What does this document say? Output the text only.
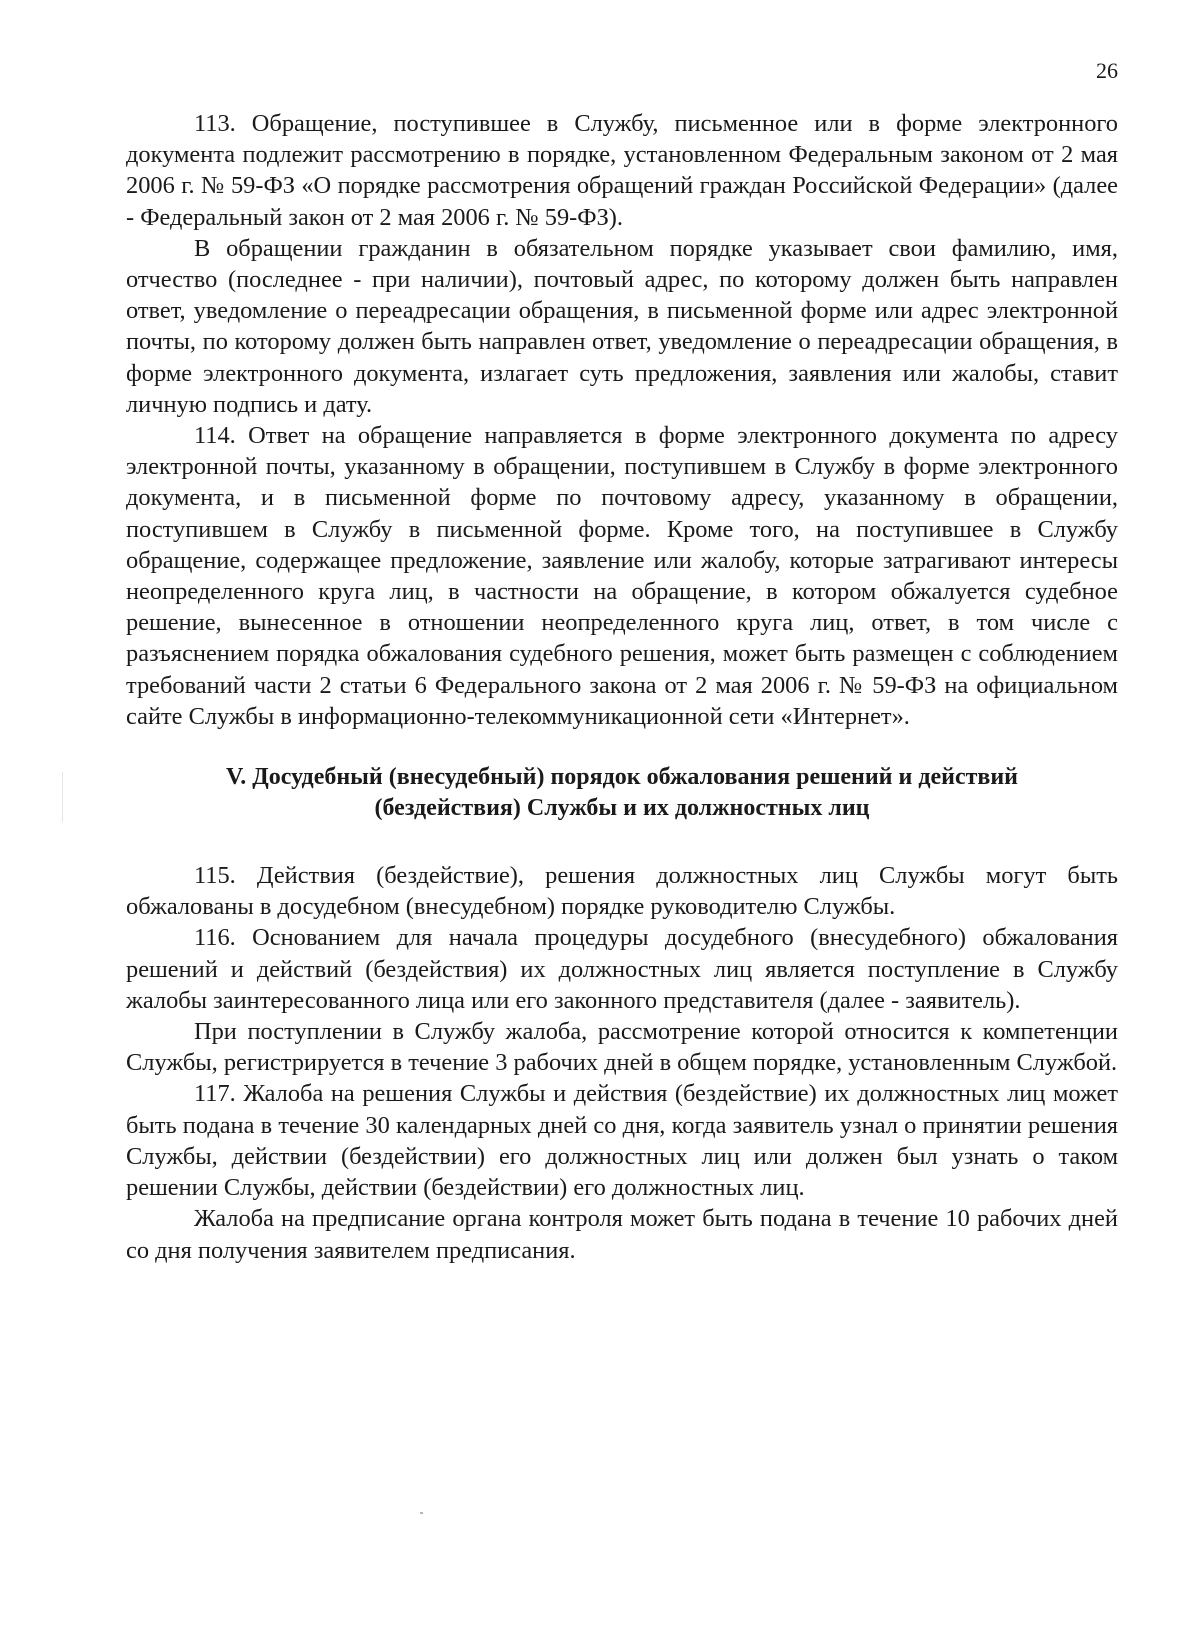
26

113. Обращение, поступившее в Службу, письменное или в форме электронного документа подлежит рассмотрению в порядке, установленном Федеральным законом от 2 мая 2006 г. № 59-ФЗ «О порядке рассмотрения обращений граждан Российской Федерации» (далее - Федеральный закон от 2 мая 2006 г. № 59-ФЗ).

В обращении гражданин в обязательном порядке указывает свои фамилию, имя, отчество (последнее - при наличии), почтовый адрес, по которому должен быть направлен ответ, уведомление о переадресации обращения, в письменной форме или адрес электронной почты, по которому должен быть направлен ответ, уведомление о переадресации обращения, в форме электронного документа, излагает суть предложения, заявления или жалобы, ставит личную подпись и дату.

114. Ответ на обращение направляется в форме электронного документа по адресу электронной почты, указанному в обращении, поступившем в Службу в форме электронного документа, и в письменной форме по почтовому адресу, указанному в обращении, поступившем в Службу в письменной форме. Кроме того, на поступившее в Службу обращение, содержащее предложение, заявление или жалобу, которые затрагивают интересы неопределенного круга лиц, в частности на обращение, в котором обжалуется судебное решение, вынесенное в отношении неопределенного круга лиц, ответ, в том числе с разъяснением порядка обжалования судебного решения, может быть размещен с соблюдением требований части 2 статьи 6 Федерального закона от 2 мая 2006 г. № 59-ФЗ на официальном сайте Службы в информационно-телекоммуникационной сети «Интернет».

V. Досудебный (внесудебный) порядок обжалования решений и действий
(бездействия) Службы и их должностных лиц

115. Действия (бездействие), решения должностных лиц Службы могут быть обжалованы в досудебном (внесудебном) порядке руководителю Службы.

116. Основанием для начала процедуры досудебного (внесудебного) обжалования решений и действий (бездействия) их должностных лиц является поступление в Службу жалобы заинтересованного лица или его законного представителя (далее - заявитель).

При поступлении в Службу жалоба, рассмотрение которой относится к компетенции Службы, регистрируется в течение 3 рабочих дней в общем порядке, установленным Службой.

117. Жалоба на решения Службы и действия (бездействие) их должностных лиц может быть подана в течение 30 календарных дней со дня, когда заявитель узнал о принятии решения Службы, действии (бездействии) его должностных лиц или должен был узнать о таком решении Службы, действии (бездействии) его должностных лиц.

Жалоба на предписание органа контроля может быть подана в течение 10 рабочих дней со дня получения заявителем предписания.
